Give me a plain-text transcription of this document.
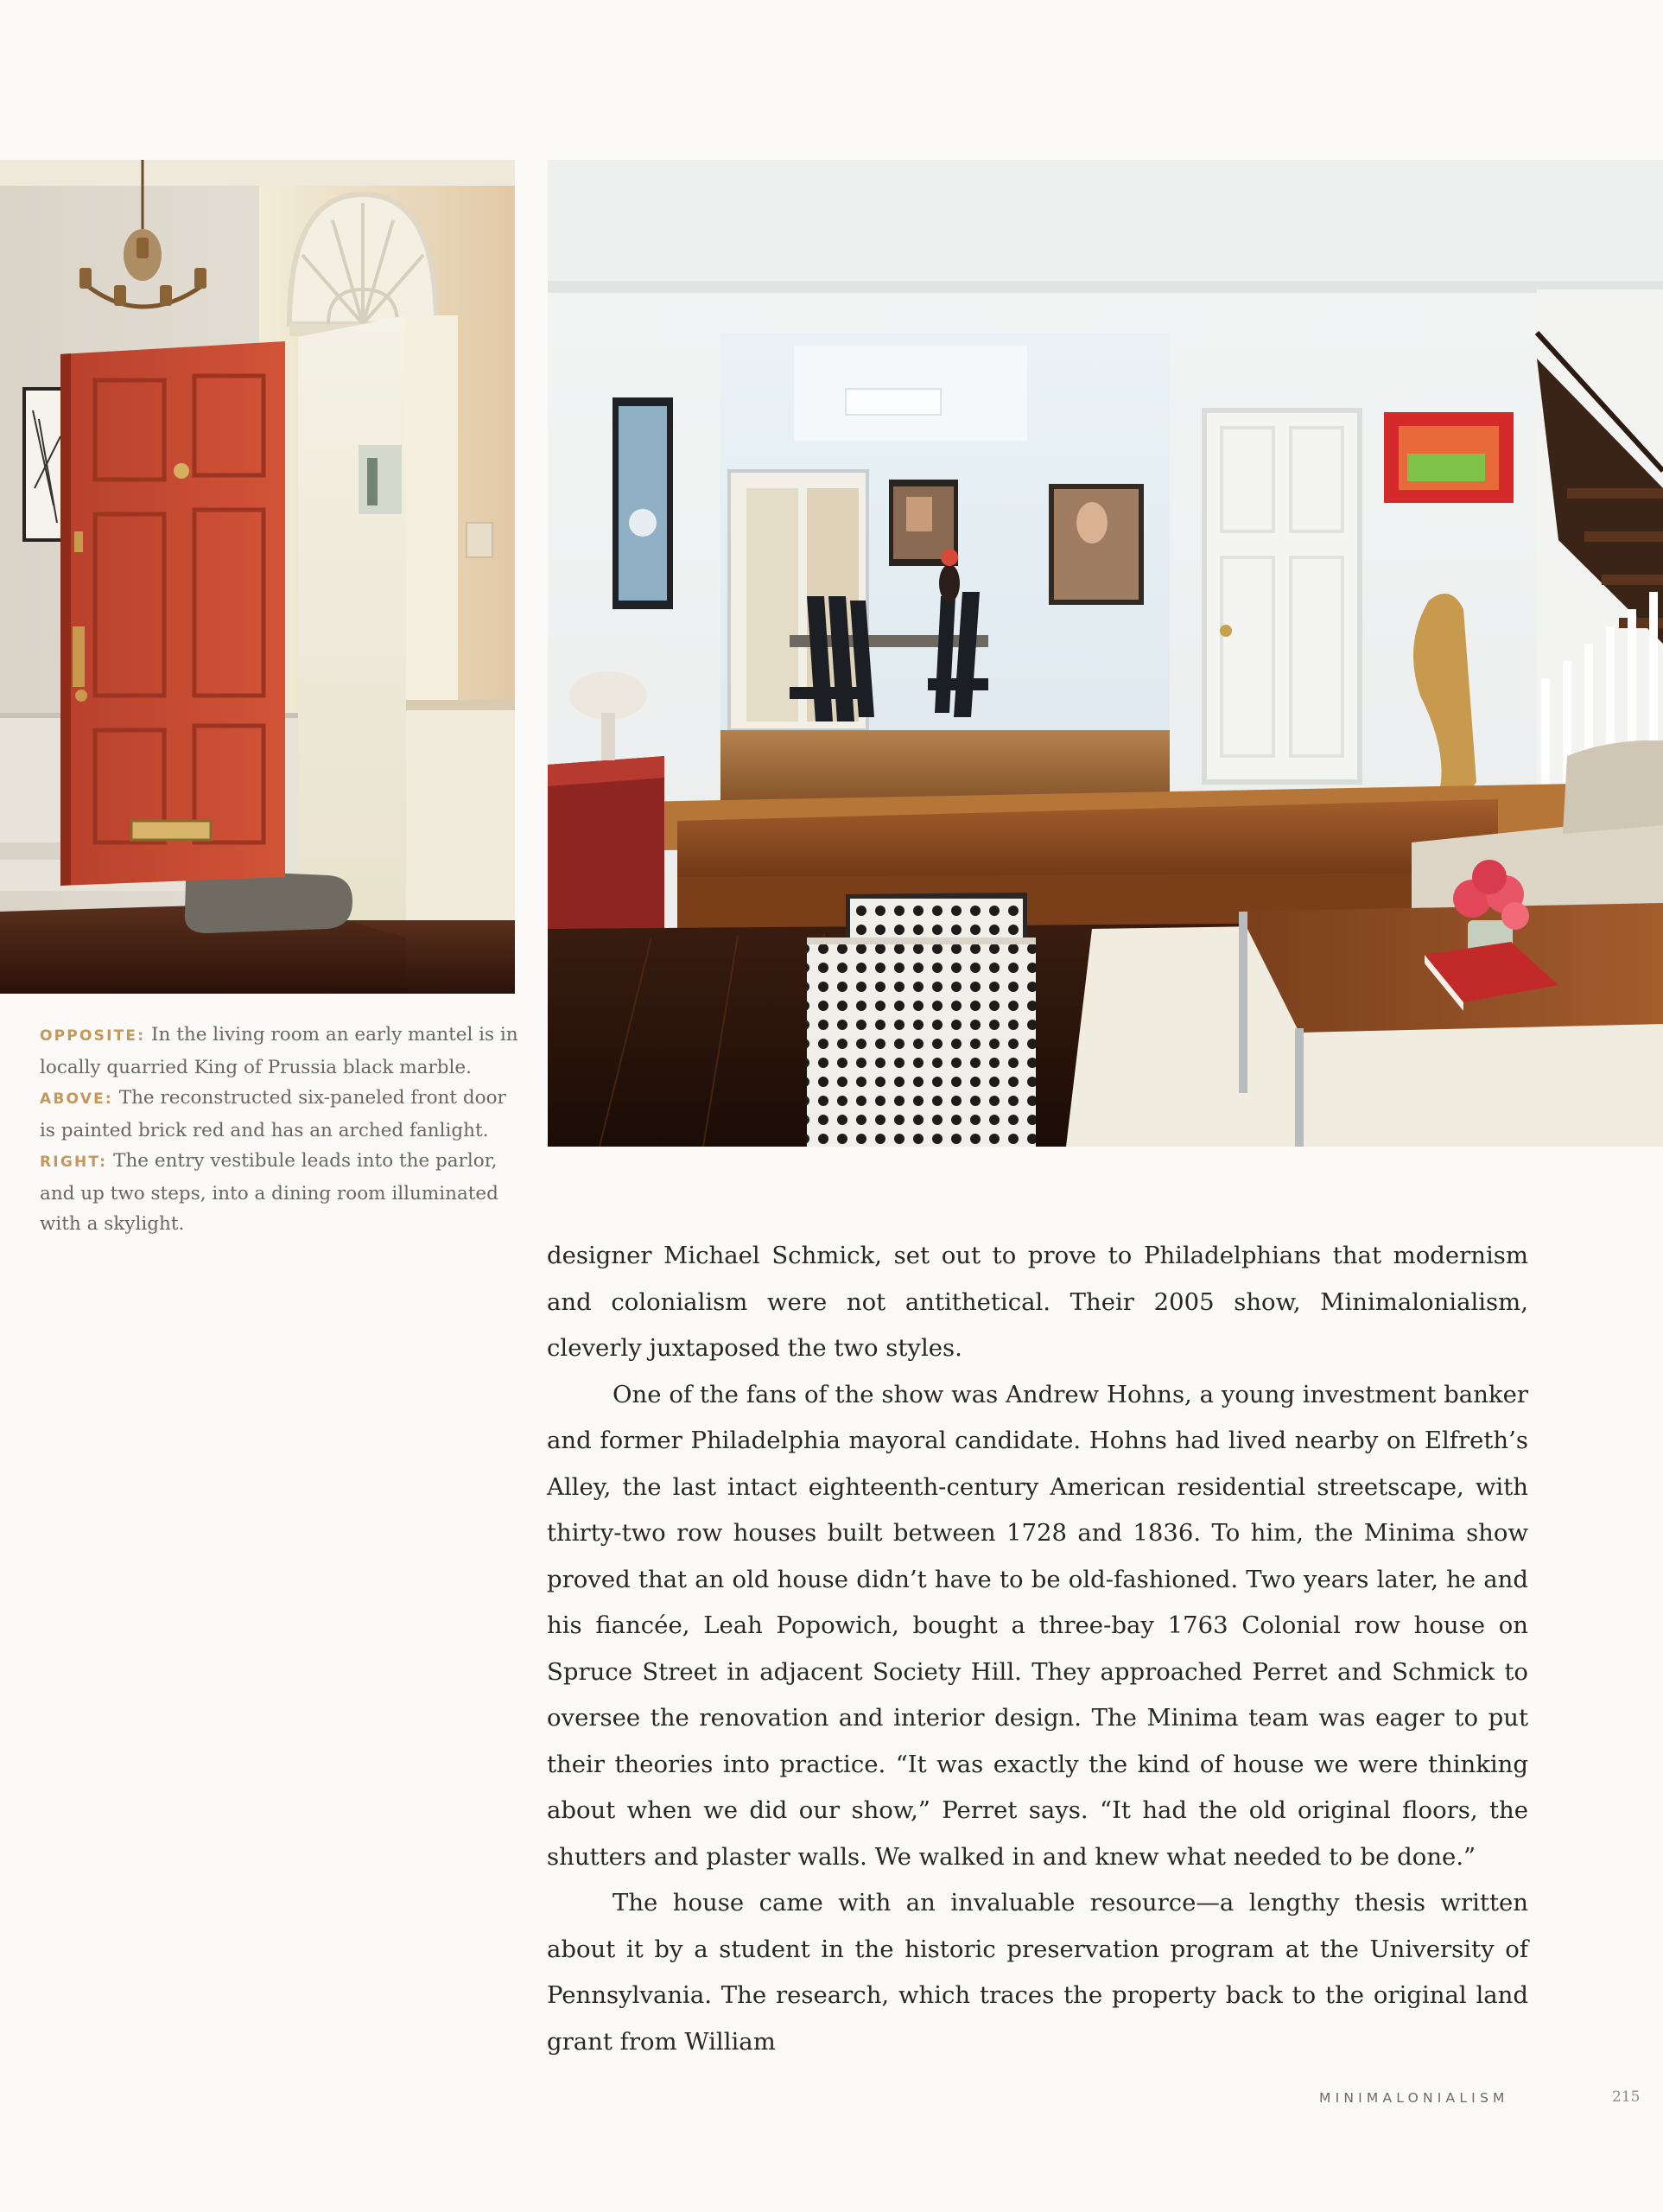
OPPOSITE: In the living room an early mantel is in locally quarried King of Prussia black marble.

ABOVE: The reconstructed six-paneled front door is painted brick red and has an arched fanlight.

RIGHT: The entry vestibule leads into the parlor, and up two steps, into a dining room illuminated with a skylight.

designer Michael Schmick, set out to prove to Philadelphians that modernism and colonialism were not antithetical. Their 2005 show, Minimalonialism, cleverly juxtaposed the two styles.

One of the fans of the show was Andrew Hohns, a young investment banker and former Philadelphia mayoral candidate. Hohns had lived nearby on Elfreth’s Alley, the last intact eighteenth-century American residential streetscape, with thirty-two row houses built between 1728 and 1836. To him, the Minima show proved that an old house didn’t have to be old-fashioned. Two years later, he and his fiancée, Leah Popowich, bought a three-bay 1763 Colonial row house on Spruce Street in adjacent Society Hill. They approached Perret and Schmick to oversee the renovation and interior design. The Minima team was eager to put their theories into practice. “It was exactly the kind of house we were thinking about when we did our show,” Perret says. “It had the old original floors, the shutters and plaster walls. We walked in and knew what needed to be done.”

The house came with an invaluable resource—a lengthy thesis written about it by a student in the historic preservation program at the University of Pennsylvania. The research, which traces the property back to the original land grant from William

MINIMALONIALISM	215
